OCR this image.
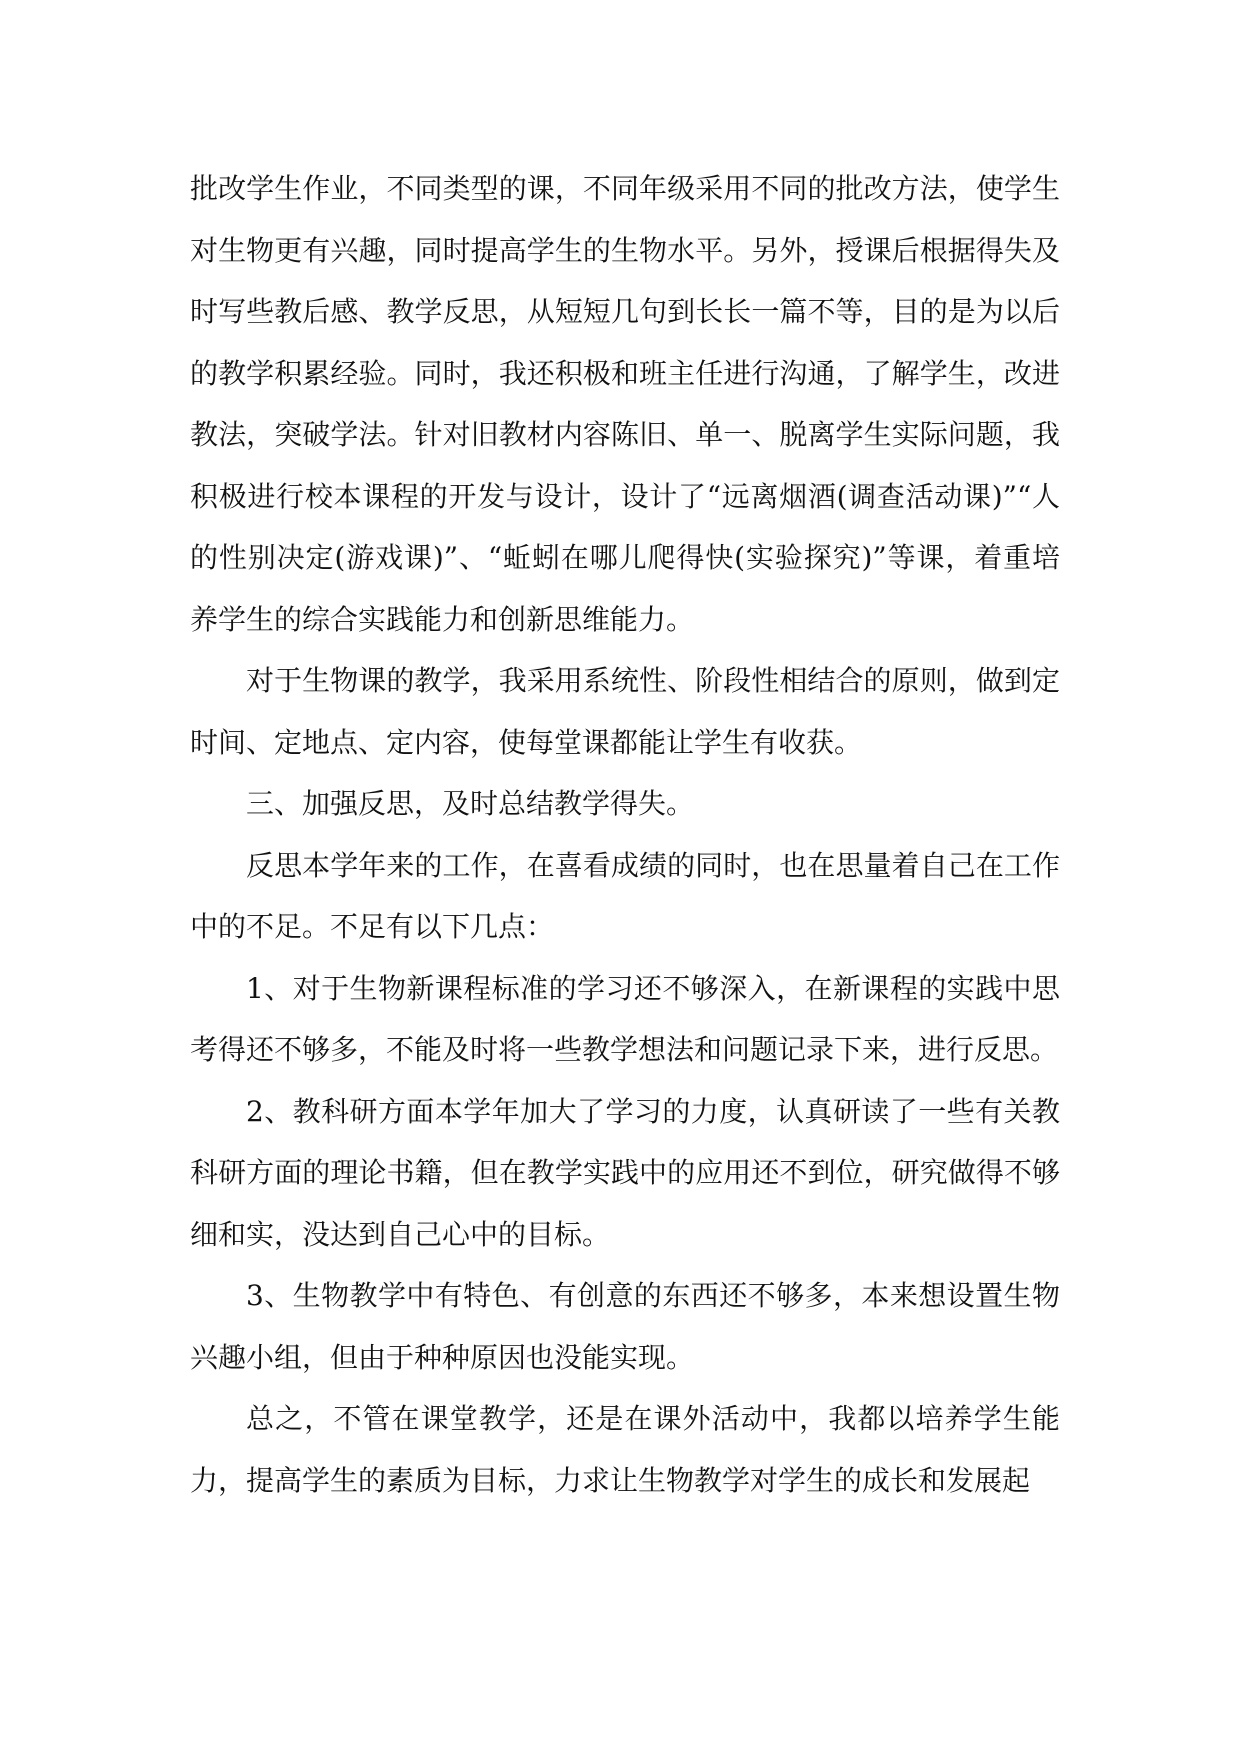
批改学生作业，不同类型的课，不同年级采用不同的批改方法，使学生对生物更有兴趣，同时提高学生的生物水平。另外，授课后根据得失及时写些教后感、教学反思，从短短几句到长长一篇不等，目的是为以后的教学积累经验。同时，我还积极和班主任进行沟通，了解学生，改进教法，突破学法。针对旧教材内容陈旧、单一、脱离学生实际问题，我积极进行校本课程的开发与设计，设计了“远离烟酒(调查活动课)”“人的性别决定(游戏课)”、“蚯蚓在哪儿爬得快(实验探究)”等课，着重培养学生的综合实践能力和创新思维能力。

对于生物课的教学，我采用系统性、阶段性相结合的原则，做到定时间、定地点、定内容，使每堂课都能让学生有收获。

三、加强反思，及时总结教学得失。

反思本学年来的工作，在喜看成绩的同时，也在思量着自己在工作中的不足。不足有以下几点：

1、对于生物新课程标准的学习还不够深入，在新课程的实践中思考得还不够多，不能及时将一些教学想法和问题记录下来，进行反思。

2、教科研方面本学年加大了学习的力度，认真研读了一些有关教科研方面的理论书籍，但在教学实践中的应用还不到位，研究做得不够细和实，没达到自己心中的目标。

3、生物教学中有特色、有创意的东西还不够多，本来想设置生物兴趣小组，但由于种种原因也没能实现。

总之，不管在课堂教学，还是在课外活动中，我都以培养学生能力，提高学生的素质为目标，力求让生物教学对学生的成长和发展起
